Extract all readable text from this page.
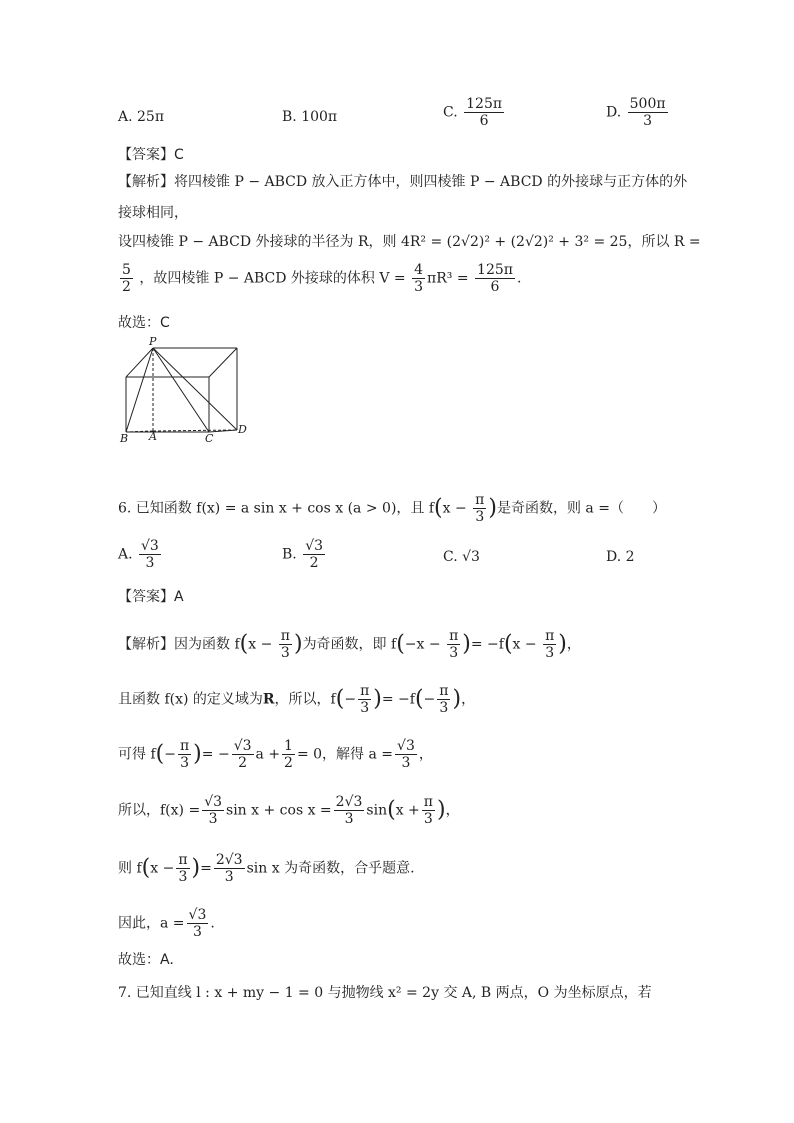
A. 25π	B. 100π	C. $\frac{125\pi}{6}$	D. $\frac{500\pi}{3}$
【答案】C
【解析】将四棱锥 P − ABCD 放入正方体中，则四棱锥 P − ABCD 的外接球与正方体的外
接球相同，
设四棱锥 P − ABCD 外接球的半径为 R，则 4R² = (2√2)² + (2√2)² + 3² = 25，所以 R =
$\frac{5}{2}$ ，故四棱锥 P − ABCD 外接球的体积 $V = \frac{4}{3} \pi R^3 = \frac{125\pi}{6}$ .
故选：C
P
A
B	C
D
6. 已知函数 f(x) = a sin x + cos x (a > 0)，且 $f(x - \frac{\pi}{3}$ )是奇函数，则 a =（　　）
A. $\frac{√3}{3}$	B. $\frac{√3}{2}$	C. √3	D. 2
【答案】A
【解析】因为函数 $f(x - \frac{\pi}{3}$ )为奇函数，即 $f(-x - \frac{\pi}{3}$ )= $-f(x - \frac{\pi}{3}$ )，
且函数 f(x) 的定义域为R，所以，$f(- \frac{\pi}{3}$ )= $-f(- \frac{\pi}{3}$ )，
可得 $f(- \frac{\pi}{3}$ )= − $\frac{√3}{2}$ $a + \frac{1}{2} = 0$，解得 $a = \frac{√3}{3}$ ，
所以，$f(x) = \frac{√3}{3}$ $\sin x + \cos x = \frac{2√3}{3} \sin(x + \frac{\pi}{3}$ )，
则 $f(x - \frac{\pi}{3}$ )= $\frac{2√3}{3}$ sin x 为奇函数，合乎题意.
因此，$a = \frac{√3}{3}$ .
故选：A.
7. 已知直线 l : x + my − 1 = 0 与抛物线 x² = 2y 交 A, B 两点，O 为坐标原点，若
